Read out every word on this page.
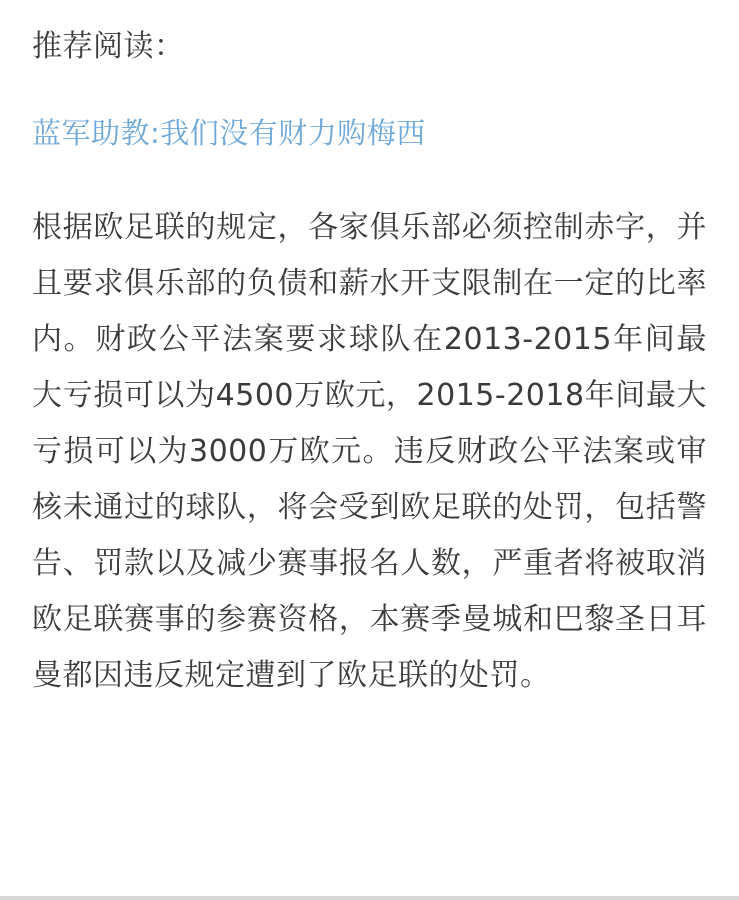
推荐阅读：

蓝军助教:我们没有财力购梅西

根据欧足联的规定，各家俱乐部必须控制赤字，并且要求俱乐部的负债和薪水开支限制在一定的比率内。财政公平法案要求球队在2013-2015年间最大亏损可以为4500万欧元，2015-2018年间最大亏损可以为3000万欧元。违反财政公平法案或审核未通过的球队，将会受到欧足联的处罚，包括警告、罚款以及减少赛事报名人数，严重者将被取消欧足联赛事的参赛资格，本赛季曼城和巴黎圣日耳曼都因违反规定遭到了欧足联的处罚。
